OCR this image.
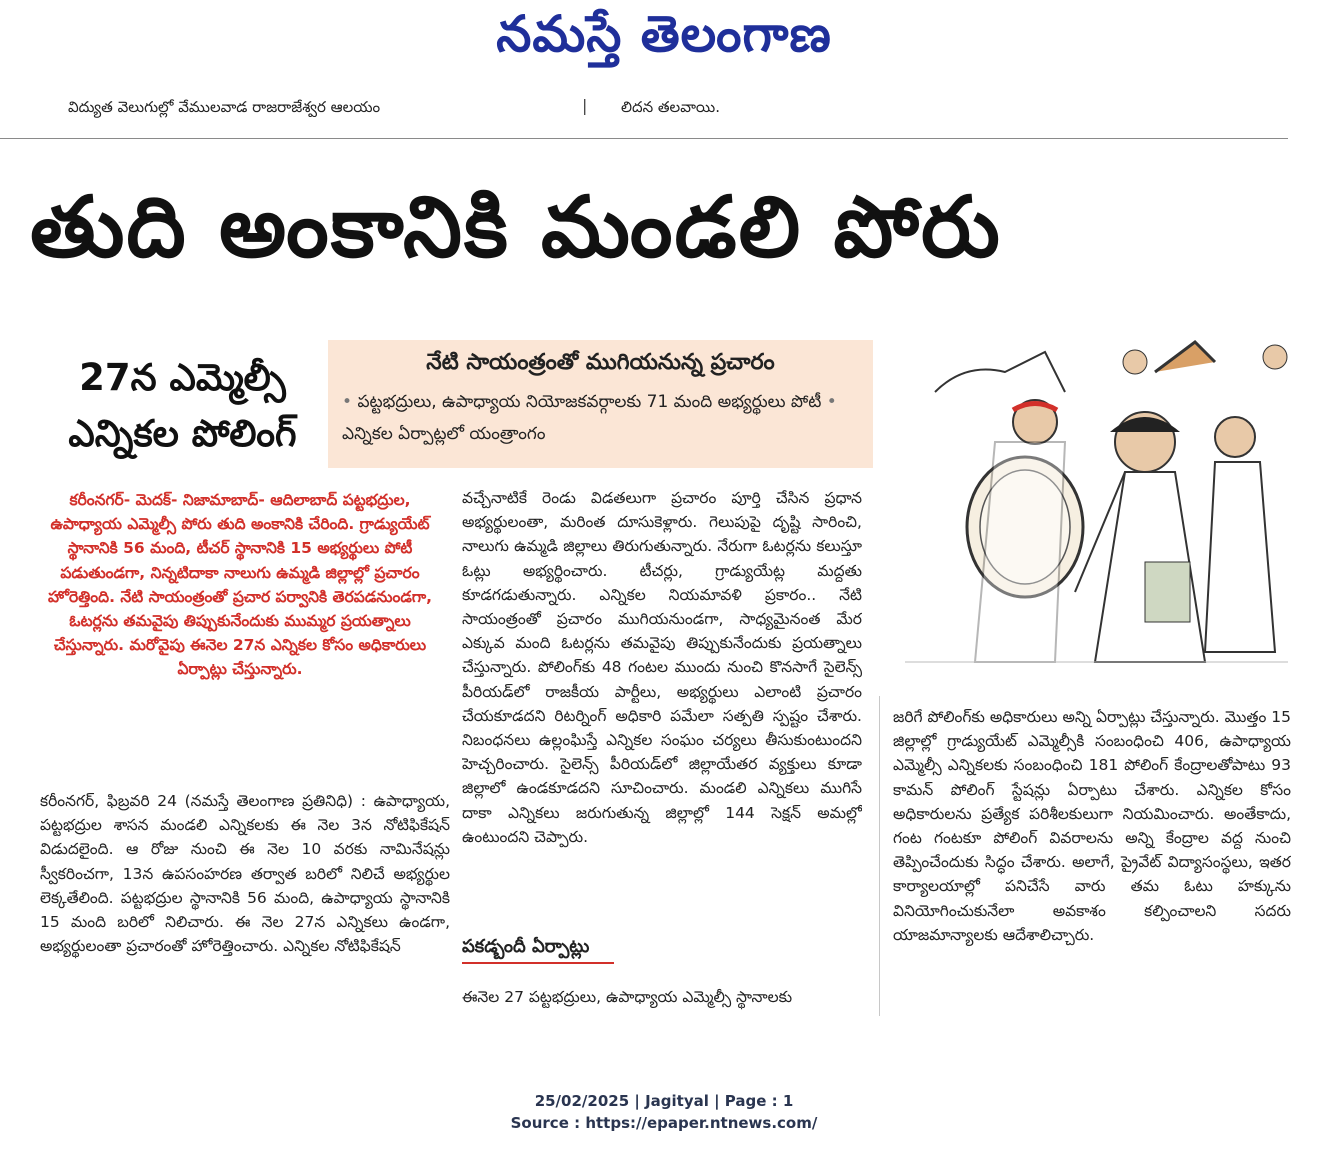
నమస్తే తెలంగాణ
విద్యుత వెలుగుల్లో వేములవాడ రాజరాజేశ్వర ఆలయం	| లిదన తలవాయి.
తుది అంకానికి మండలి పోరు
27న ఎమ్మెల్సీ ఎన్నికల పోలింగ్
నేటి సాయంత్రంతో ముగియనున్న ప్రచారం
• పట్టభద్రులు, ఉపాధ్యాయ నియోజకవర్గాలకు 71 మంది అభ్యర్థులు పోటీ • ఎన్నికల ఏర్పాట్లలో యంత్రాంగం

కరీంనగర్‌- మెదక్‌- నిజామాబాద్‌- ఆదిలాబాద్‌ పట్టభద్రుల, ఉపాధ్యాయ ఎమ్మెల్సీ పోరు తుది అంకానికి చేరింది. గ్రాడ్యుయేట్‌ స్థానానికి 56 మంది, టీచర్‌ స్థానానికి 15 అభ్యర్థులు పోటీ పడుతుండగా, నిన్నటిదాకా నాలుగు ఉమ్మడి జిల్లాల్లో ప్రచారం హోరెత్తింది. నేటి సాయంత్రంతో ప్రచార పర్వానికి తెరపడనుండగా, ఓటర్లను తమవైపు తిప్పుకునేందుకు ముమ్మర ప్రయత్నాలు చేస్తున్నారు. మరోవైపు ఈనెల 27న ఎన్నికల కోసం అధికారులు ఏర్పాట్లు చేస్తున్నారు.

కరీంనగర్‌, ఫిబ్రవరి 24 (నమస్తే తెలంగాణ ప్రతినిధి) : ఉపాధ్యాయ, పట్టభద్రుల శాసన మండలి ఎన్నికలకు ఈ నెల 3న నోటిఫికేషన్‌ విడుదలైంది. ఆ రోజు నుంచి ఈ నెల 10 వరకు నామినేషన్లు స్వీకరించగా, 13న ఉపసంహరణ తర్వాత బరిలో నిలిచే అభ్యర్థుల లెక్కతేలింది. పట్టభద్రుల స్థానానికి 56 మంది, ఉపాధ్యాయ స్థానానికి 15 మంది బరిలో నిలిచారు. ఈ నెల 27న ఎన్నికలు ఉండగా, అభ్యర్థులంతా ప్రచారంతో హోరెత్తించారు. ఎన్నికల నోటిఫికేషన్‌

వచ్చేనాటికే రెండు విడతలుగా ప్రచారం పూర్తి చేసిన ప్రధాన అభ్యర్థులంతా, మరింత దూసుకెళ్లారు. గెలుపుపై దృష్టి సారించి, నాలుగు ఉమ్మడి జిల్లాలు తిరుగుతున్నారు. నేరుగా ఓటర్లను కలుస్తూ ఓట్లు అభ్యర్థించారు. టీచర్లు, గ్రాడ్యుయేట్ల మద్దతు కూడగడుతున్నారు. ఎన్నికల నియమావళి ప్రకారం.. నేటి సాయంత్రంతో ప్రచారం ముగియనుండగా, సాధ్యమైనంత మేర ఎక్కువ మంది ఓటర్లను తమవైపు తిప్పుకునేందుకు ప్రయత్నాలు చేస్తున్నారు. పోలింగ్‌కు 48 గంటల ముందు నుంచి కొనసాగే సైలెన్స్‌ పీరియడ్‌లో రాజకీయ పార్టీలు, అభ్యర్థులు ఎలాంటి ప్రచారం చేయకూడదని రిటర్నింగ్‌ అధికారి పమేలా సత్పతి స్పష్టం చేశారు. నిబంధనలు ఉల్లంఘిస్తే ఎన్నికల సంఘం చర్యలు తీసుకుంటుందని హెచ్చరించారు. సైలెన్స్‌ పీరియడ్‌లో జిల్లాయేతర వ్యక్తులు కూడా జిల్లాలో ఉండకూడదని సూచించారు. మండలి ఎన్నికలు ముగిసే దాకా ఎన్నికలు జరుగుతున్న జిల్లాల్లో 144 సెక్షన్‌ అమల్లో ఉంటుందని చెప్పారు.

పకడ్బందీ ఏర్పాట్లు

ఈనెల 27 పట్టభద్రులు, ఉపాధ్యాయ ఎమ్మెల్సీ స్థానాలకు

జరిగే పోలింగ్‌కు అధికారులు అన్ని ఏర్పాట్లు చేస్తున్నారు. మొత్తం 15 జిల్లాల్లో గ్రాడ్యుయేట్‌ ఎమ్మెల్సీకి సంబంధించి 406, ఉపాధ్యాయ ఎమ్మెల్సీ ఎన్నికలకు సంబంధించి 181 పోలింగ్‌ కేంద్రాలతోపాటు 93 కామన్‌ పోలింగ్‌ స్టేషన్లు ఏర్పాటు చేశారు. ఎన్నికల కోసం అధికారులను ప్రత్యేక పరిశీలకులుగా నియమించారు. అంతేకాదు, గంట గంటకూ పోలింగ్‌ వివరాలను అన్ని కేంద్రాల వద్ద నుంచి తెప్పించేందుకు సిద్ధం చేశారు. అలాగే, ప్రైవేట్‌ విద్యాసంస్థలు, ఇతర కార్యాలయాల్లో పనిచేసే వారు తమ ఓటు హక్కును వినియోగించుకునేలా అవకాశం కల్పించాలని సదరు యాజమాన్యాలకు ఆదేశాలిచ్చారు.

25/02/2025 | Jagityal | Page : 1
Source : https://epaper.ntnews.com/
